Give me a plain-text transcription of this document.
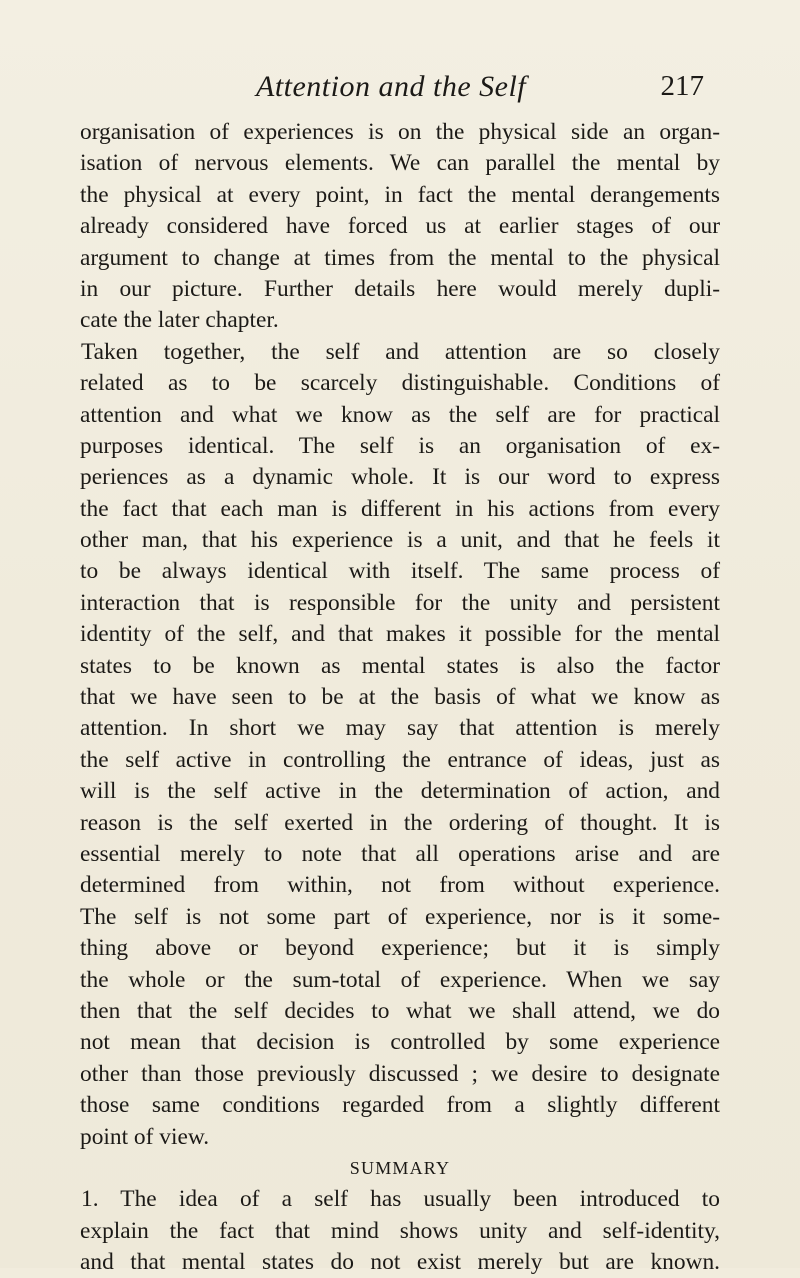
Attention and the Self	217
organisation of experiences is on the physical side an organ-
isation of nervous elements. We can parallel the mental by
the physical at every point, in fact the mental derangements
already considered have forced us at earlier stages of our
argument to change at times from the mental to the physical
in our picture. Further details here would merely dupli-
cate the later chapter.
Taken together, the self and attention are so closely
related as to be scarcely distinguishable. Conditions of
attention and what we know as the self are for practical
purposes identical. The self is an organisation of ex-
periences as a dynamic whole. It is our word to express
the fact that each man is different in his actions from every
other man, that his experience is a unit, and that he feels it
to be always identical with itself. The same process of
interaction that is responsible for the unity and persistent
identity of the self, and that makes it possible for the mental
states to be known as mental states is also the factor
that we have seen to be at the basis of what we know as
attention. In short we may say that attention is merely
the self active in controlling the entrance of ideas, just as
will is the self active in the determination of action, and
reason is the self exerted in the ordering of thought. It is
essential merely to note that all operations arise and are
determined from within, not from without experience.
The self is not some part of experience, nor is it some-
thing above or beyond experience; but it is simply
the whole or the sum-total of experience. When we say
then that the self decides to what we shall attend, we do
not mean that decision is controlled by some experience
other than those previously discussed ; we desire to designate
those same conditions regarded from a slightly different
point of view.
SUMMARY
1. The idea of a self has usually been introduced to
explain the fact that mind shows unity and self-identity,
and that mental states do not exist merely but are known.
